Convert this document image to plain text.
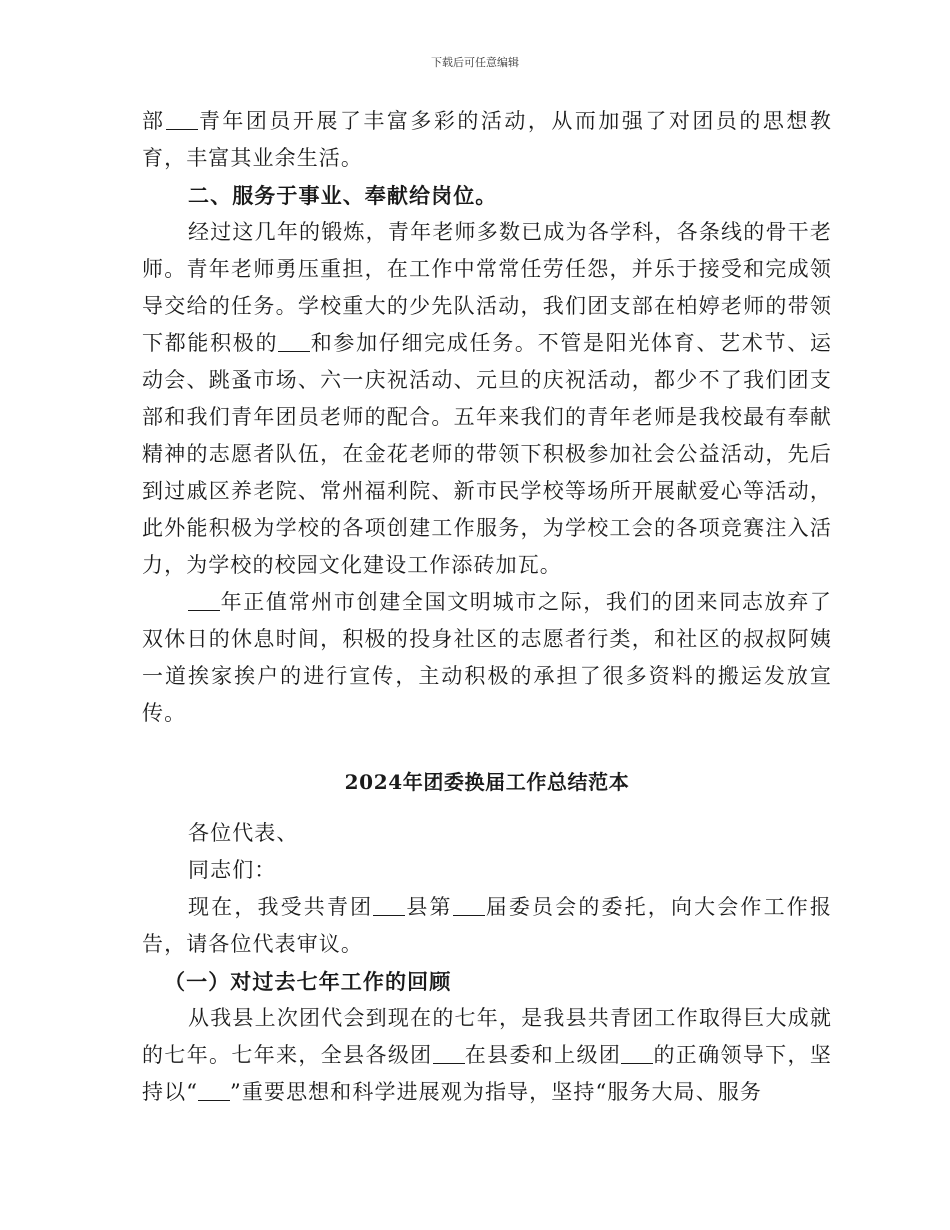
下载后可任意编辑

部 青年团员开展了丰富多彩的活动，从而加强了对团员的思想教育，丰富其业余生活。

二、服务于事业、奉献给岗位。

经过这几年的锻炼，青年老师多数已成为各学科，各条线的骨干老师。青年老师勇压重担，在工作中常常任劳任怨，并乐于接受和完成领导交给的任务。学校重大的少先队活动，我们团支部在柏婷老师的带领下都能积极的 和参加仔细完成任务。不管是阳光体育、艺术节、运动会、跳蚤市场、六一庆祝活动、元旦的庆祝活动，都少不了我们团支部和我们青年团员老师的配合。五年来我们的青年老师是我校最有奉献精神的志愿者队伍，在金花老师的带领下积极参加社会公益活动，先后到过戚区养老院、常州福利院、新市民学校等场所开展献爱心等活动，此外能积极为学校的各项创建工作服务，为学校工会的各项竞赛注入活力，为学校的校园文化建设工作添砖加瓦。

年正值常州市创建全国文明城市之际，我们的团来同志放弃了双休日的休息时间，积极的投身社区的志愿者行类，和社区的叔叔阿姨一道挨家挨户的进行宣传，主动积极的承担了很多资料的搬运发放宣传。

2024年团委换届工作总结范本

各位代表、

同志们：

现在，我受共青团 县第 届委员会的委托，向大会作工作报告，请各位代表审议。

（一）对过去七年工作的回顾

从我县上次团代会到现在的七年，是我县共青团工作取得巨大成就的七年。七年来，全县各级团 在县委和上级团 的正确领导下，坚持以“ ”重要思想和科学进展观为指导，坚持“服务大局、服务
